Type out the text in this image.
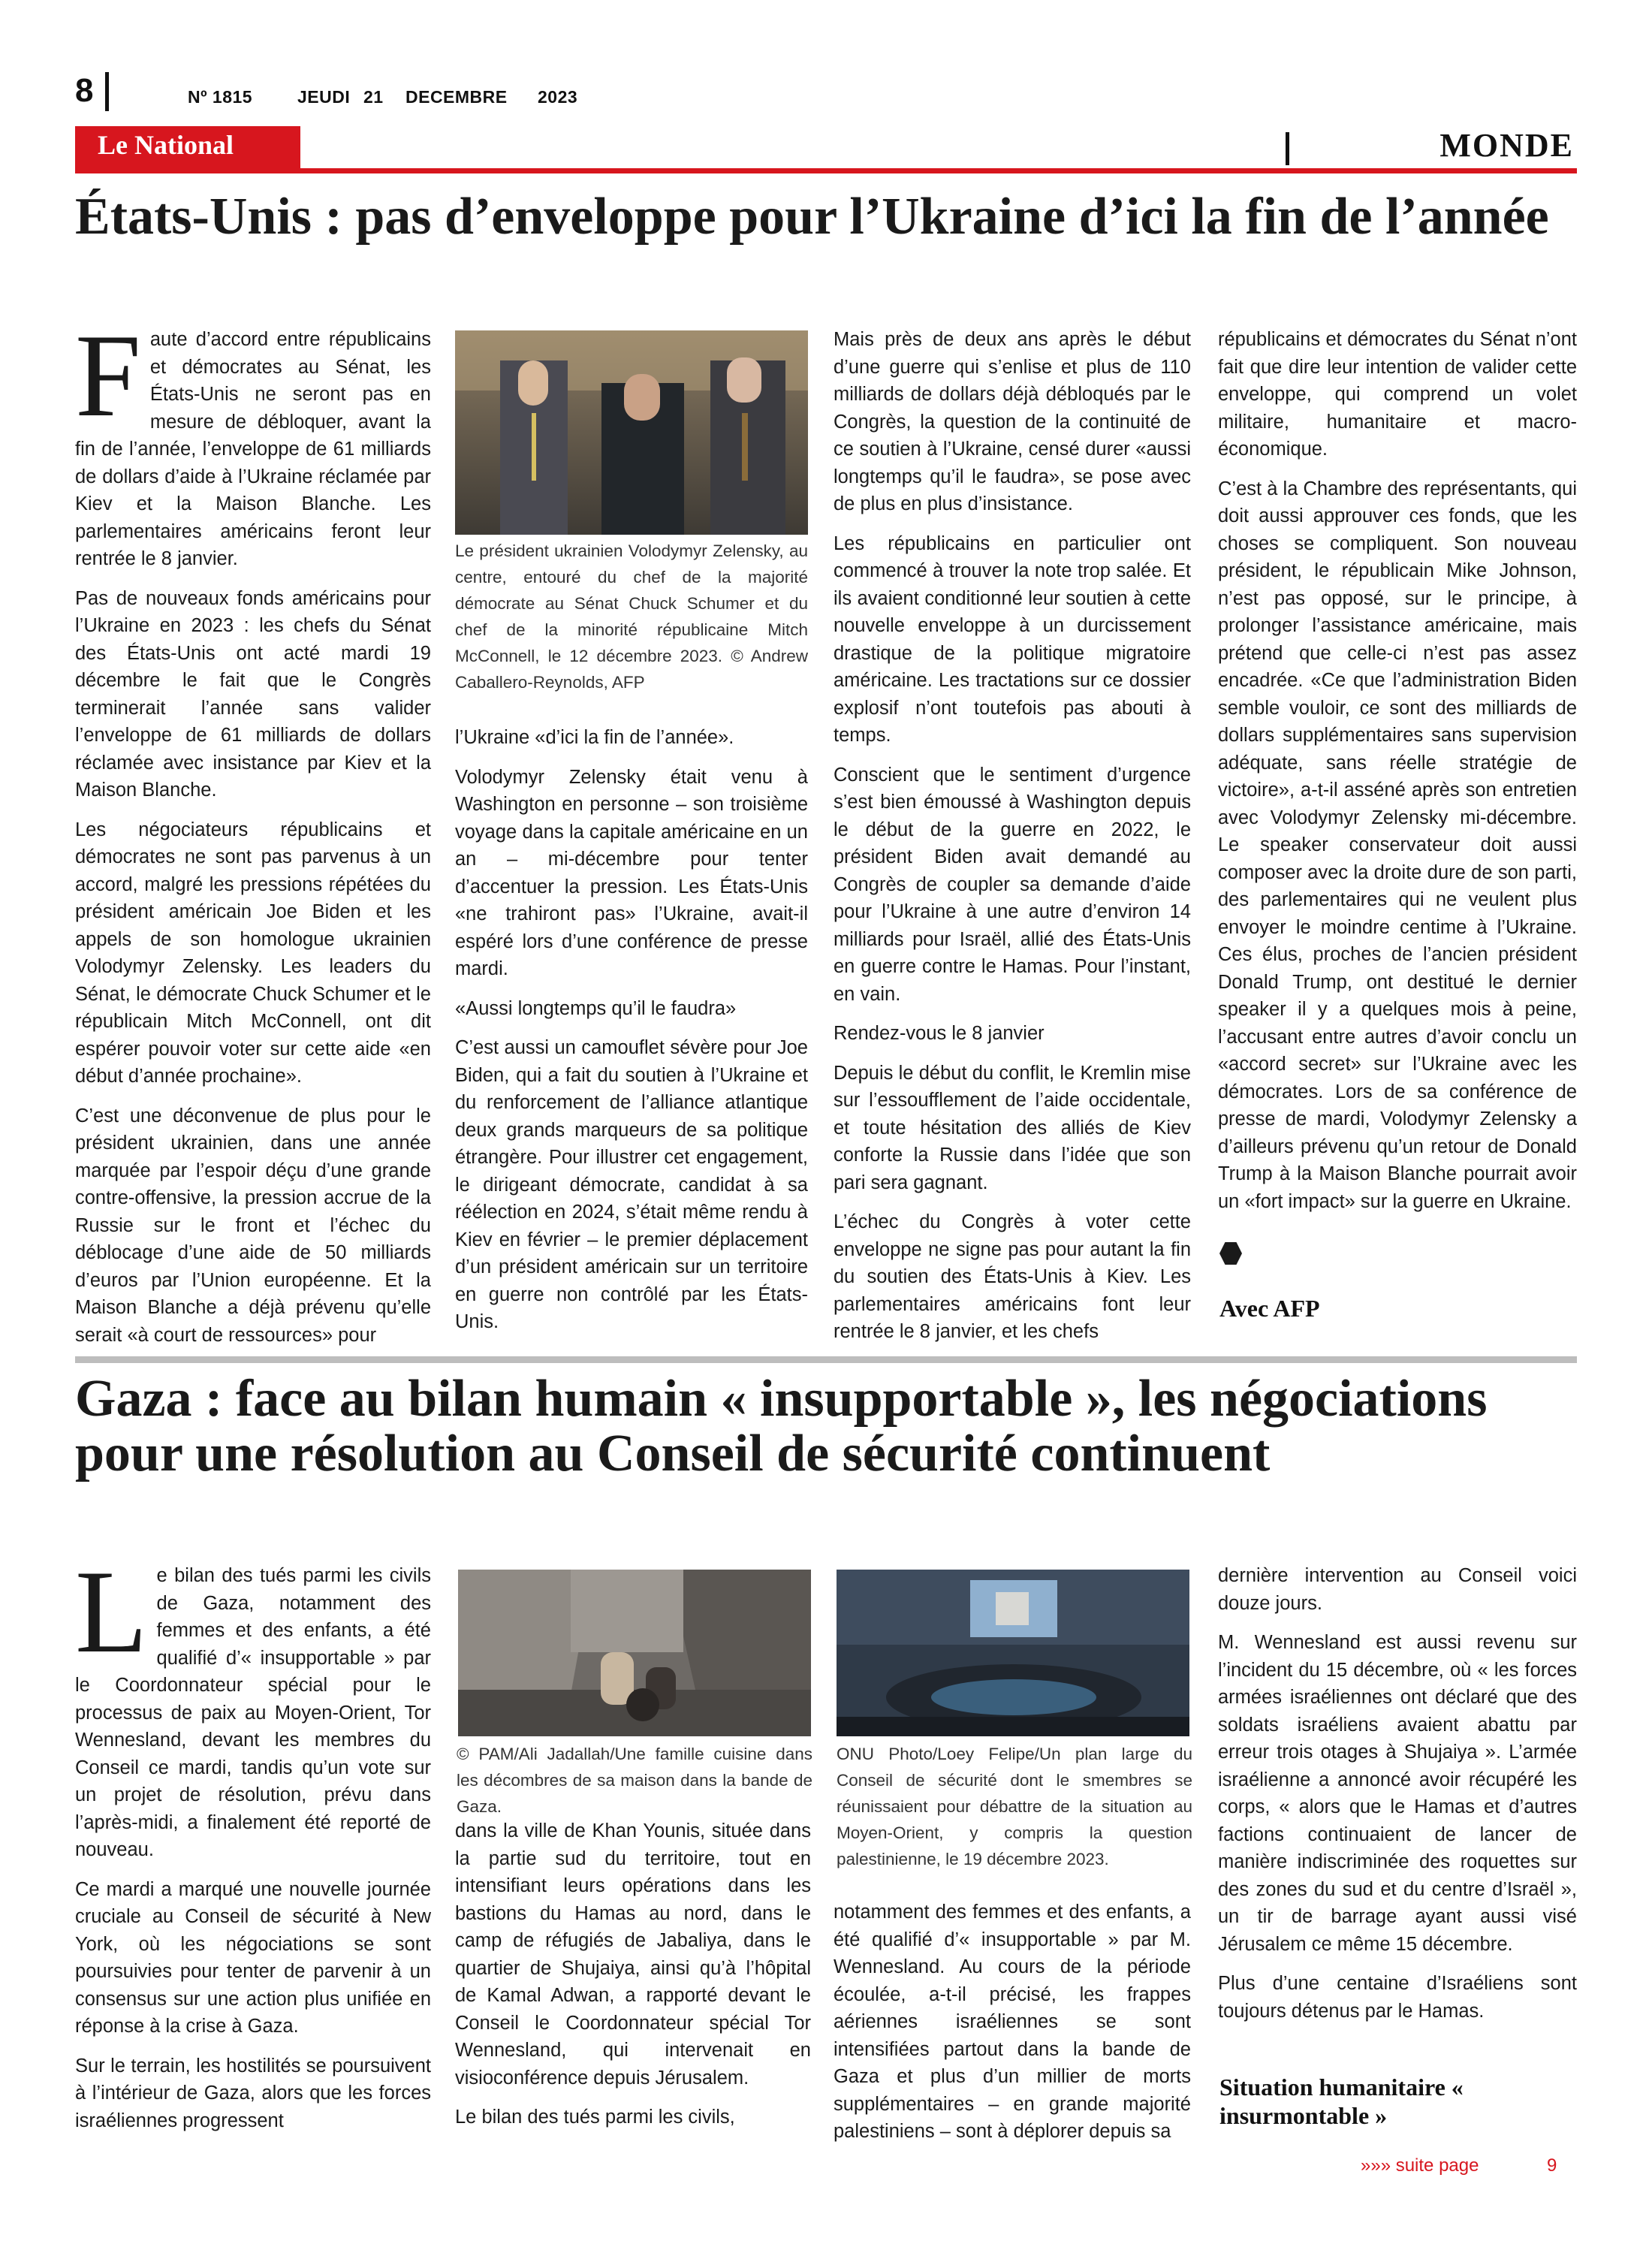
8	Nº 1815	JEUDI 21 DECEMBRE 2023
Le National	MONDE
États-Unis : pas d’enveloppe pour l’Ukraine d’ici la fin de l’année

Faute d’accord entre républicains et démocrates au Sénat, les États-Unis ne seront pas en mesure de débloquer, avant la fin de l’année, l’enveloppe de 61 milliards de dollars d’aide à l’Ukraine réclamée par Kiev et la Maison Blanche. Les parlementaires américains feront leur rentrée le 8 janvier.

Pas de nouveaux fonds américains pour l’Ukraine en 2023 : les chefs du Sénat des États-Unis ont acté mardi 19 décembre le fait que le Congrès terminerait l’année sans valider l’enveloppe de 61 milliards de dollars réclamée avec insistance par Kiev et la Maison Blanche.

Les négociateurs républicains et démocrates ne sont pas parvenus à un accord, malgré les pressions répétées du président américain Joe Biden et les appels de son homologue ukrainien Volodymyr Zelensky. Les leaders du Sénat, le démocrate Chuck Schumer et le républicain Mitch McConnell, ont dit espérer pouvoir voter sur cette aide «en début d’année prochaine».

C’est une déconvenue de plus pour le président ukrainien, dans une année marquée par l’espoir déçu d’une grande contre-offensive, la pression accrue de la Russie sur le front et l’échec du déblocage d’une aide de 50 milliards d’euros par l’Union européenne. Et la Maison Blanche a déjà prévenu qu’elle serait «à court de ressources» pour

Le président ukrainien Volodymyr Zelensky, au centre, entouré du chef de la majorité démocrate au Sénat Chuck Schumer et du chef de la minorité républicaine Mitch McConnell, le 12 décembre 2023. © Andrew Caballero-Reynolds, AFP

l’Ukraine «d’ici la fin de l’année».

Volodymyr Zelensky était venu à Washington en personne – son troisième voyage dans la capitale américaine en un an – mi-décembre pour tenter d’accentuer la pression. Les États-Unis «ne trahiront pas» l’Ukraine, avait-il espéré lors d’une conférence de presse mardi.

«Aussi longtemps qu’il le faudra»

C’est aussi un camouflet sévère pour Joe Biden, qui a fait du soutien à l’Ukraine et du renforcement de l’alliance atlantique deux grands marqueurs de sa politique étrangère. Pour illustrer cet engagement, le dirigeant démocrate, candidat à sa réélection en 2024, s’était même rendu à Kiev en février – le premier déplacement d’un président américain sur un territoire en guerre non contrôlé par les États-Unis.

Mais près de deux ans après le début d’une guerre qui s’enlise et plus de 110 milliards de dollars déjà débloqués par le Congrès, la question de la continuité de ce soutien à l’Ukraine, censé durer «aussi longtemps qu’il le faudra», se pose avec de plus en plus d’insistance.

Les républicains en particulier ont commencé à trouver la note trop salée. Et ils avaient conditionné leur soutien à cette nouvelle enveloppe à un durcissement drastique de la politique migratoire américaine. Les tractations sur ce dossier explosif n’ont toutefois pas abouti à temps.

Conscient que le sentiment d’urgence s’est bien émoussé à Washington depuis le début de la guerre en 2022, le président Biden avait demandé au Congrès de coupler sa demande d’aide pour l’Ukraine à une autre d’environ 14 milliards pour Israël, allié des États-Unis en guerre contre le Hamas. Pour l’instant, en vain.

Rendez-vous le 8 janvier

Depuis le début du conflit, le Kremlin mise sur l’essoufflement de l’aide occidentale, et toute hésitation des alliés de Kiev conforte la Russie dans l’idée que son pari sera gagnant.

L’échec du Congrès à voter cette enveloppe ne signe pas pour autant la fin du soutien des États-Unis à Kiev. Les parlementaires américains font leur rentrée le 8 janvier, et les chefs

républicains et démocrates du Sénat n’ont fait que dire leur intention de valider cette enveloppe, qui comprend un volet militaire, humanitaire et macro-économique.

C’est à la Chambre des représentants, qui doit aussi approuver ces fonds, que les choses se compliquent. Son nouveau président, le républicain Mike Johnson, n’est pas opposé, sur le principe, à prolonger l’assistance américaine, mais prétend que celle-ci n’est pas assez encadrée. «Ce que l’administration Biden semble vouloir, ce sont des milliards de dollars supplémentaires sans supervision adéquate, sans réelle stratégie de victoire», a-t-il asséné après son entretien avec Volodymyr Zelensky mi-décembre. Le speaker conservateur doit aussi composer avec la droite dure de son parti, des parlementaires qui ne veulent plus envoyer le moindre centime à l’Ukraine. Ces élus, proches de l’ancien président Donald Trump, ont destitué le dernier speaker il y a quelques mois à peine, l’accusant entre autres d’avoir conclu un «accord secret» sur l’Ukraine avec les démocrates. Lors de sa conférence de presse de mardi, Volodymyr Zelensky a d’ailleurs prévenu qu’un retour de Donald Trump à la Maison Blanche pourrait avoir un «fort impact» sur la guerre en Ukraine.

Avec AFP
Gaza : face au bilan humain « insupportable », les négociations pour une résolution au Conseil de sécurité continuent

Le bilan des tués parmi les civils de Gaza, notamment des femmes et des enfants, a été qualifié d’« insupportable » par le Coordonnateur spécial pour le processus de paix au Moyen-Orient, Tor Wennesland, devant les membres du Conseil ce mardi, tandis qu’un vote sur un projet de résolution, prévu dans l’après-midi, a finalement été reporté de nouveau.

Ce mardi a marqué une nouvelle journée cruciale au Conseil de sécurité à New York, où les négociations se sont poursuivies pour tenter de parvenir à un consensus sur une action plus unifiée en réponse à la crise à Gaza.

Sur le terrain, les hostilités se poursuivent à l’intérieur de Gaza, alors que les forces israéliennes progressent

© PAM/Ali Jadallah/Une famille cuisine dans les décombres de sa maison dans la bande de Gaza.

dans la ville de Khan Younis, située dans la partie sud du territoire, tout en intensifiant leurs opérations dans les bastions du Hamas au nord, dans le camp de réfugiés de Jabaliya, dans le quartier de Shujaiya, ainsi qu’à l’hôpital de Kamal Adwan, a rapporté devant le Conseil le Coordonnateur spécial Tor Wennesland, qui intervenait en visioconférence depuis Jérusalem.

Le bilan des tués parmi les civils,

ONU Photo/Loey Felipe/Un plan large du Conseil de sécurité dont le smembres se réunissaient pour débattre de la situation au Moyen-Orient, y compris la question palestinienne, le 19 décembre 2023.

notamment des femmes et des enfants, a été qualifié d’« insupportable » par M. Wennesland. Au cours de la période écoulée, a-t-il précisé, les frappes aériennes israéliennes se sont intensifiées partout dans la bande de Gaza et plus d’un millier de morts supplémentaires – en grande majorité palestiniens – sont à déplorer depuis sa

dernière intervention au Conseil voici douze jours.

M. Wennesland est aussi revenu sur l’incident du 15 décembre, où « les forces armées israéliennes ont déclaré que des soldats israéliens avaient abattu par erreur trois otages à Shujaiya ». L’armée israélienne a annoncé avoir récupéré les corps, « alors que le Hamas et d’autres factions continuaient de lancer de manière indiscriminée des roquettes sur des zones du sud et du centre d’Israël », un tir de barrage ayant aussi visé Jérusalem ce même 15 décembre.

Plus d’une centaine d’Israéliens sont toujours détenus par le Hamas.

Situation humanitaire « insurmontable »
»»» suite page	9
